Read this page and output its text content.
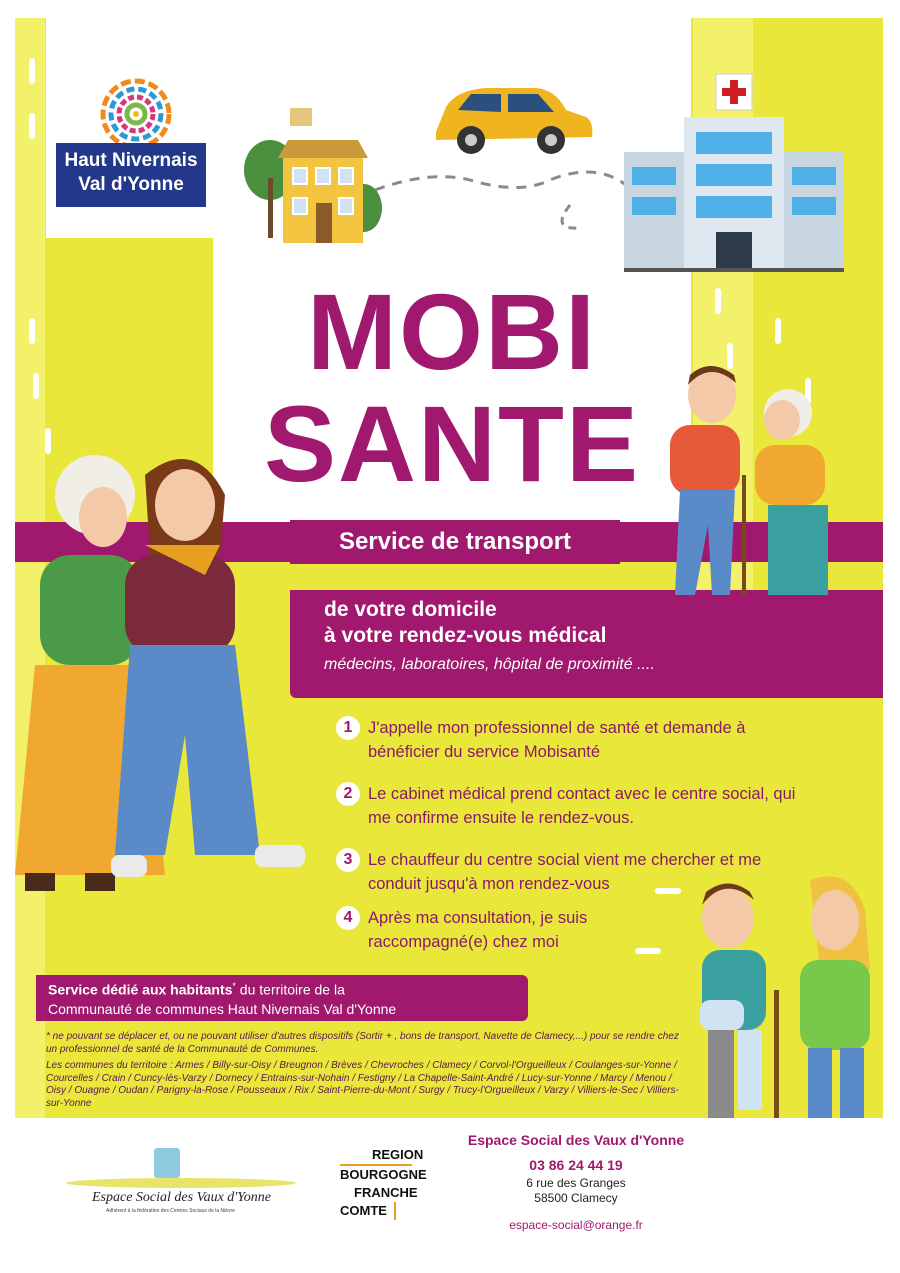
Haut Nivernais
Val d'Yonne
MOBI
SANTE
Service de transport
de votre domicile
à votre rendez-vous médical
médecins, laboratoires, hôpital de proximité ....
1 J'appelle mon professionnel de santé et demande à bénéficier du service Mobisanté
2 Le cabinet médical prend contact avec le centre social, qui me confirme ensuite le rendez-vous.
3 Le chauffeur du centre social vient me chercher et me conduit jusqu'à mon rendez-vous
4 Après ma consultation, je suis raccompagné(e) chez moi
Service dédié aux habitants* du territoire de la
Communauté de communes Haut Nivernais Val d'Yonne
* ne pouvant se déplacer et, ou ne pouvant utiliser d'autres dispositifs (Sortir + , bons de transport, Navette de Clamecy,...) pour se rendre chez un professionnel de santé de la Communauté de Communes.
Les communes du territoire : Armes / Billy-sur-Oisy / Breugnon / Brèves / Chevroches / Clamecy / Corvol-l'Orgueilleux / Coulanges-sur-Yonne / Courcelles / Crain / Cuncy-lès-Varzy / Dornecy / Entrains-sur-Nohain / Festigny / La Chapelle-Saint-André / Lucy-sur-Yonne / Marcy / Menou / Oisy / Ouagne / Oudan / Parigny-la-Rose / Pousseaux / Rix / Saint-Pierre-du-Mont / Surgy / Trucy-l'Orgueilleux / Varzy / Villiers-le-Sec / Villiers-sur-Yonne
Espace Social des Vaux d'Yonne
Adhérent à la fédération des Centres Sociaux de la Nièvre
REGION
BOURGOGNE
FRANCHE
COMTE
Espace Social des Vaux d'Yonne
03 86 24 44 19
6 rue des Granges
58500 Clamecy
espace-social@orange.fr
